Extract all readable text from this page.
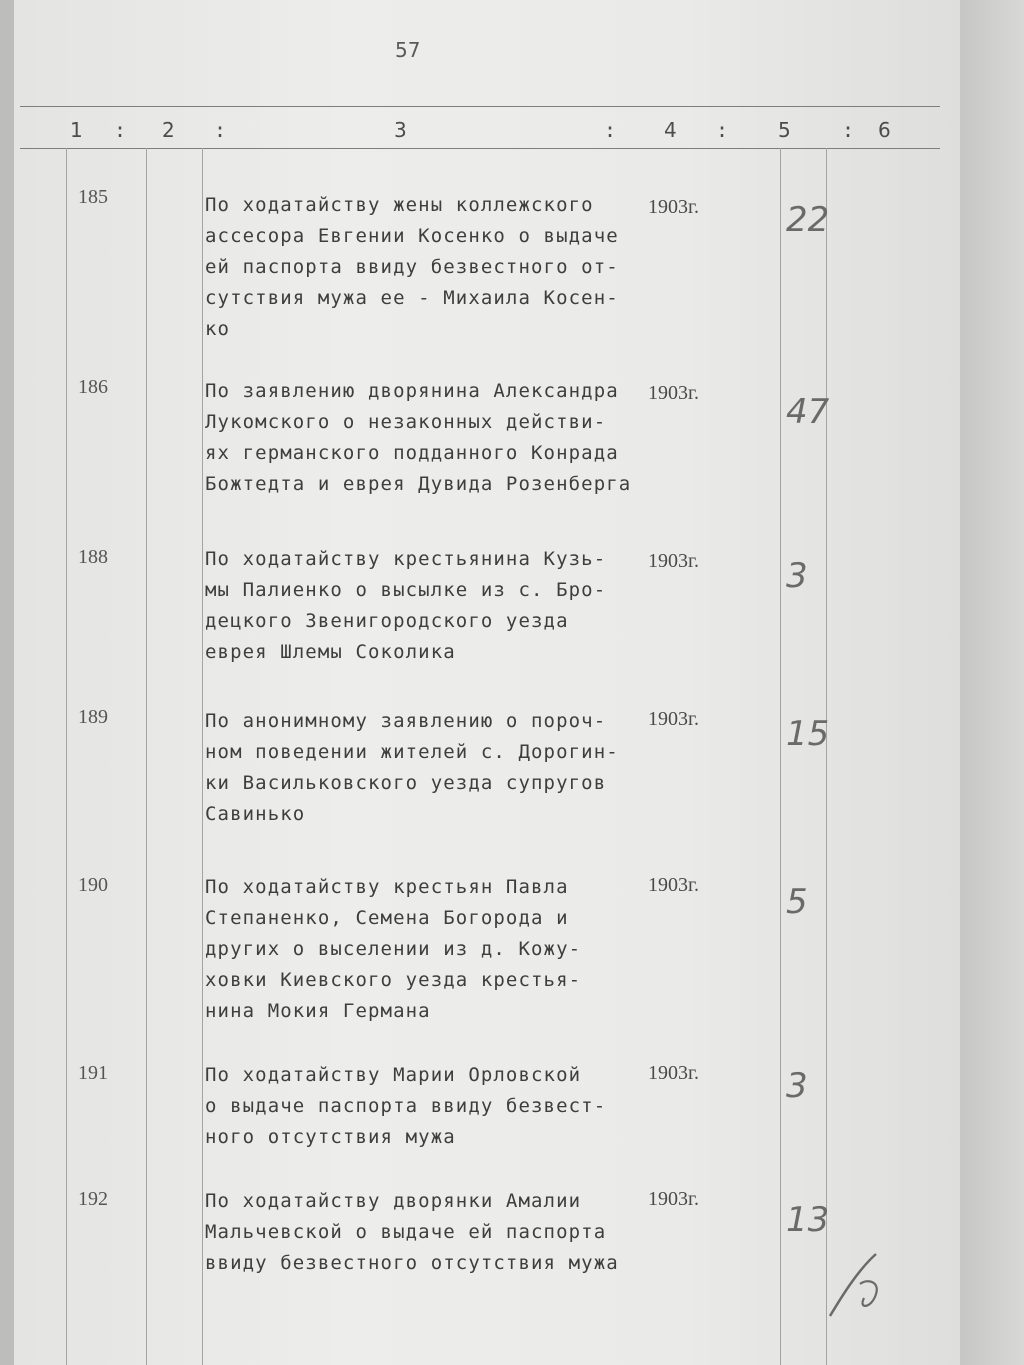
57
1 : 2 :	3	: 4 : 5	: 6
185	По ходатайству жены коллежского
ассесора Евгении Косенко о выдаче
ей паспорта ввиду безвестного от-
сутствия мужа ее - Михаила Косен-
ко
1903г.	22
186	По заявлению дворянина Александра
Лукомского о незаконных действи-
ях германского подданного Конрада
Божтедта и еврея Дувида Розенберга
1903г.	47
188	По ходатайству крестьянина Кузь-
мы Палиенко о высылке из с. Бро-
децкого Звенигородского уезда
еврея Шлемы Соколика
1903г.	3
189	По анонимному заявлению о пороч-
ном поведении жителей с. Дорогин-
ки Васильковского уезда супругов
Савинько
1903г.	15
190	По ходатайству крестьян Павла
Степаненко, Семена Богорода и
других о выселении из д. Кожу-
ховки Киевского уезда крестья-
нина Мокия Германа
1903г.	5
191	По ходатайству Марии Орловской
о выдаче паспорта ввиду безвест-
ного отсутствия мужа
1903г.	3
192	По ходатайству дворянки Амалии
Мальчевской о выдаче ей паспорта
ввиду безвестного отсутствия мужа
1903г.
13
